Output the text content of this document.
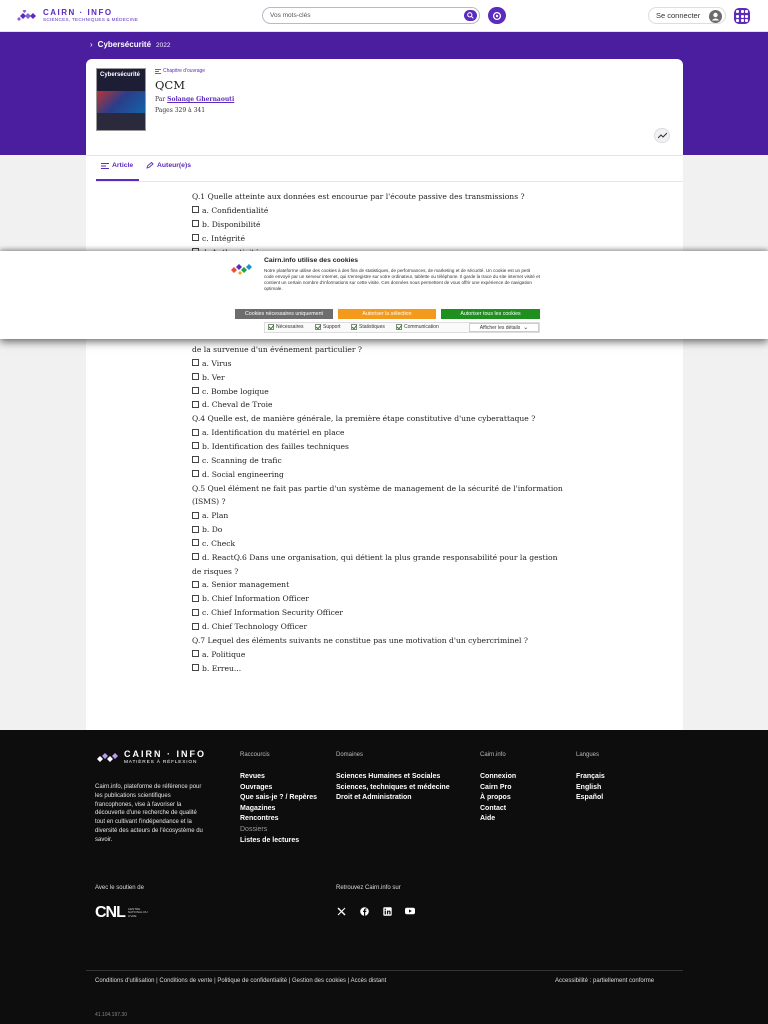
CAIRN · INFO
SCIENCES, TECHNIQUES & MÉDECINE
Vos mots-clés	Se connecter
› Cybersécurité 2022
Cybersécurité
Chapitre d'ouvrage
QCM
Par Solange Ghernaouti
Pages 329 à 341
Article	Auteur(e)s
Q.1 Quelle atteinte aux données est encourue par l'écoute passive des transmissions ?
a. Confidentialité
b. Disponibilité
c. Intégrité
de la survenue d'un événement particulier ?
a. Virus
b. Ver
c. Bombe logique
d. Cheval de Troie
Q.4 Quelle est, de manière générale, la première étape constitutive d'une cyberattaque ?
a. Identification du matériel en place
b. Identification des failles techniques
c. Scanning de trafic
d. Social engineering
Q.5 Quel élément ne fait pas partie d'un système de management de la sécurité de l'information
(ISMS) ?
a. Plan
b. Do
c. Check
d. ReactQ.6 Dans une organisation, qui détient la plus grande responsabilité pour la gestion
de risques ?
a. Senior management
b. Chief Information Officer
c. Chief Information Security Officer
d. Chief Technology Officer
Q.7 Lequel des éléments suivants ne constitue pas une motivation d'un cybercriminel ?
a. Politique
b. Erreu...
Cairn.info utilise des cookies
Notre plateforme utilise des cookies à des fins de statistiques, de performances, de marketing et de sécurité. Un cookie est un petit code envoyé par un serveur internet, qui s'enregistre sur votre ordinateur, tablette ou téléphone. Il garde la trace du site internet visité et contient un certain nombre d'informations sur cette visite. Ces données nous permettent de vous offrir une expérience de navigation optimale.
Cookies nécessaires uniquement	Autoriser la sélection	Autoriser tous les cookies
Nécessaires	Support	Statistiques	Communication	Afficher les détails ⌄
CAIRN · INFO
MATIÈRES À RÉFLEXION
Cairn.info, plateforme de référence pour les publications scientifiques francophones, vise à favoriser la découverte d'une recherche de qualité tout en cultivant l'indépendance et la diversité des acteurs de l'écosystème du savoir.
Raccourcis	Domaines	Cairn.info	Langues
Revues
Ouvrages
Que sais-je ? / Repères
Magazines
Rencontres
Dossiers
Listes de lectures
Sciences Humaines et Sociales
Sciences, techniques et médecine
Droit et Administration
Connexion
Cairn Pro
À propos
Contact
Aide
Français
English
Español
Avec le soutien de
CNL CENTRE NATIONAL DU LIVRE
Retrouvez Cairn.info sur
Conditions d'utilisation | Conditions de vente | Politique de confidentialité | Gestion des cookies | Accès distant	Accessibilité : partiellement conforme
41.104.197.30
